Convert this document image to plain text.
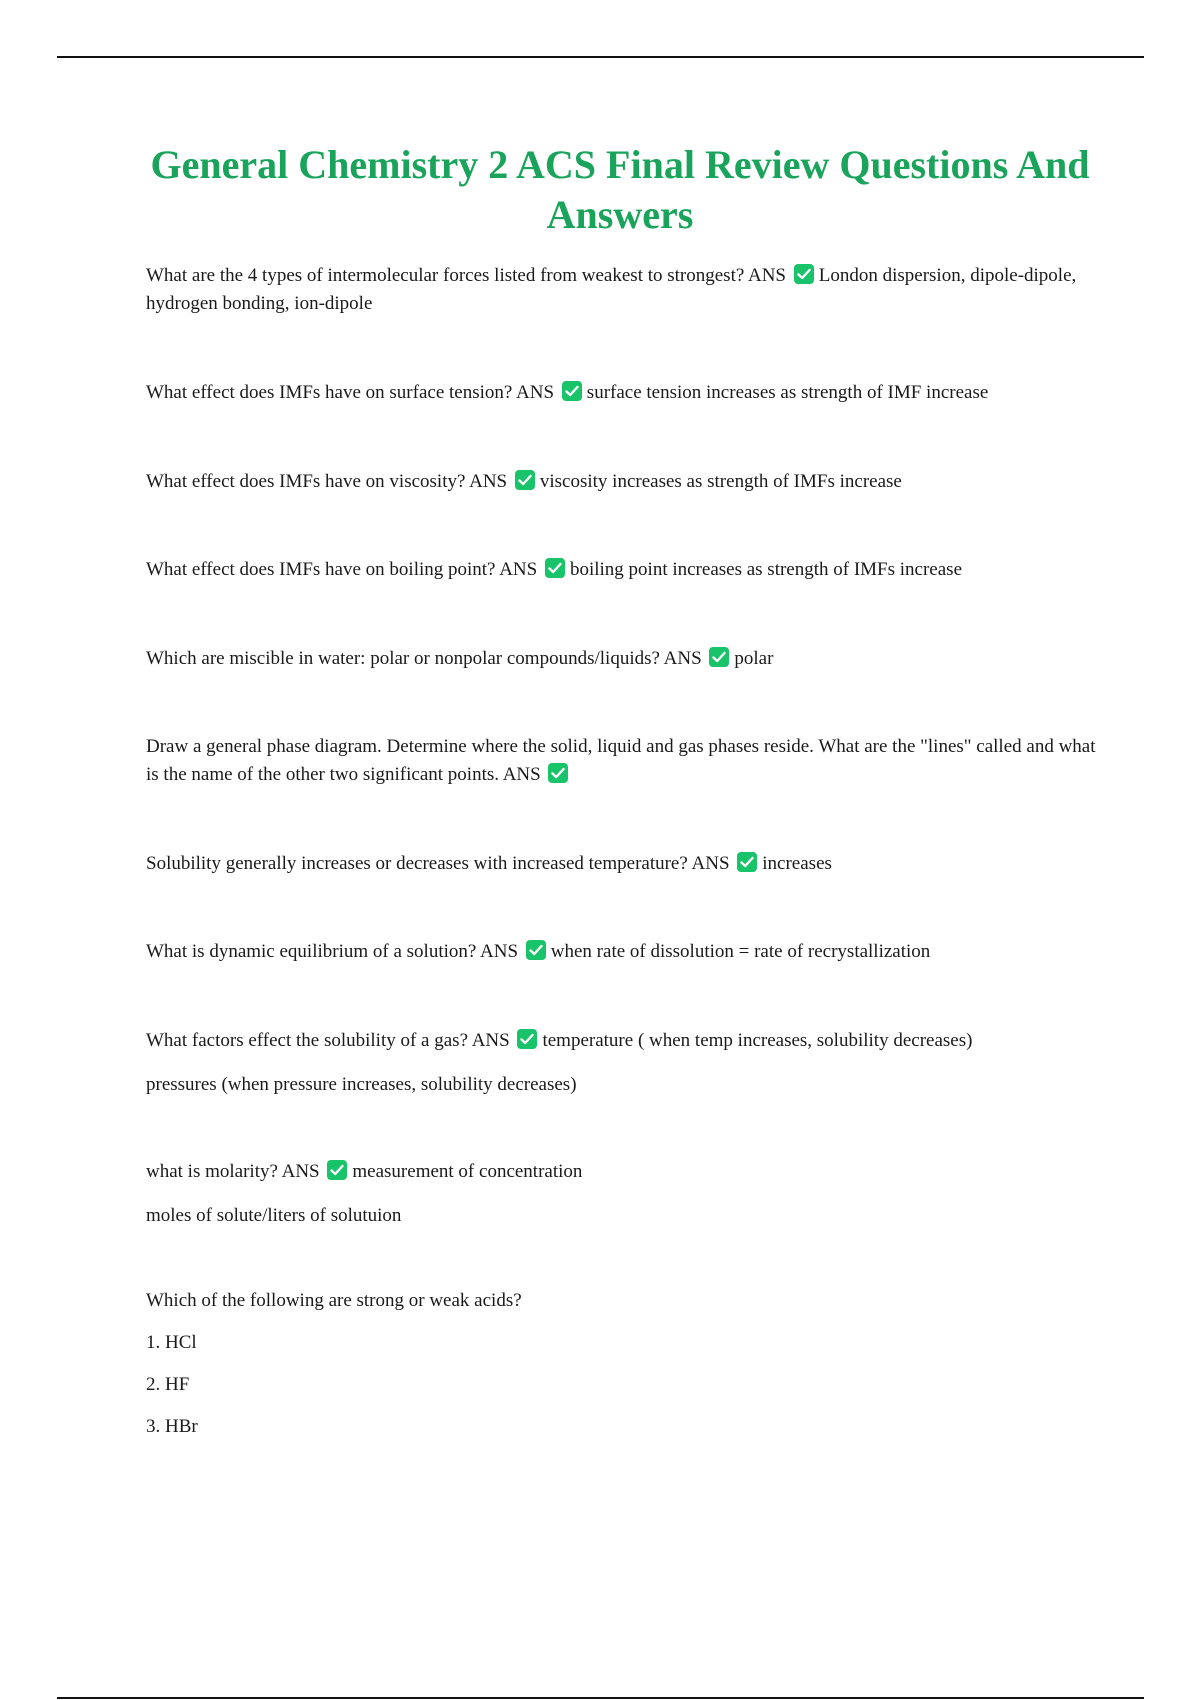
General Chemistry 2 ACS Final Review Questions And Answers

What are the 4 types of intermolecular forces listed from weakest to strongest? ANS
London dispersion, dipole-dipole, hydrogen bonding, ion-dipole

What effect does IMFs have on surface tension? ANS
surface tension increases as strength of IMF increase

What effect does IMFs have on viscosity? ANS
viscosity increases as strength of IMFs increase

What effect does IMFs have on boiling point? ANS
boiling point increases as strength of IMFs increase

Which are miscible in water: polar or nonpolar compounds/liquids? ANS
polar

Draw a general phase diagram. Determine where the solid, liquid and gas phases reside. What are the "lines" called and what is the name of the other two significant points. ANS

Solubility generally increases or decreases with increased temperature? ANS
increases

What is dynamic equilibrium of a solution? ANS
when rate of dissolution = rate of recrystallization

What factors effect the solubility of a gas? ANS
temperature ( when temp increases, solubility decreases)

pressures (when pressure increases, solubility decreases)

what is molarity? ANS
measurement of concentration

moles of solute/liters of solutuion

Which of the following are strong or weak acids?

1. HCl

2. HF

3. HBr
